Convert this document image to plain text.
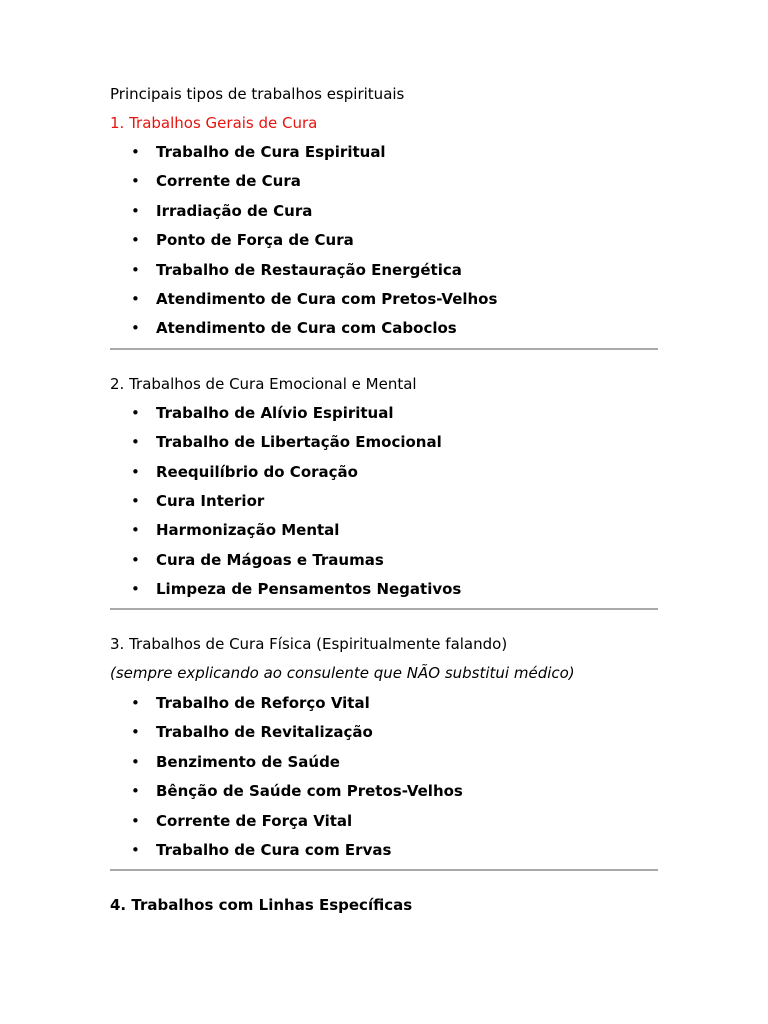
Principais tipos de trabalhos espirituais
1. Trabalhos Gerais de Cura
• Trabalho de Cura Espiritual
• Corrente de Cura
• Irradiação de Cura
• Ponto de Força de Cura
• Trabalho de Restauração Energética
• Atendimento de Cura com Pretos-Velhos
• Atendimento de Cura com Caboclos
2. Trabalhos de Cura Emocional e Mental
• Trabalho de Alívio Espiritual
• Trabalho de Libertação Emocional
• Reequilíbrio do Coração
• Cura Interior
• Harmonização Mental
• Cura de Mágoas e Traumas
• Limpeza de Pensamentos Negativos
3. Trabalhos de Cura Física (Espiritualmente falando)
(sempre explicando ao consulente que NÃO substitui médico)
• Trabalho de Reforço Vital
• Trabalho de Revitalização
• Benzimento de Saúde
• Bênção de Saúde com Pretos-Velhos
• Corrente de Força Vital
• Trabalho de Cura com Ervas
4. Trabalhos com Linhas Específicas
